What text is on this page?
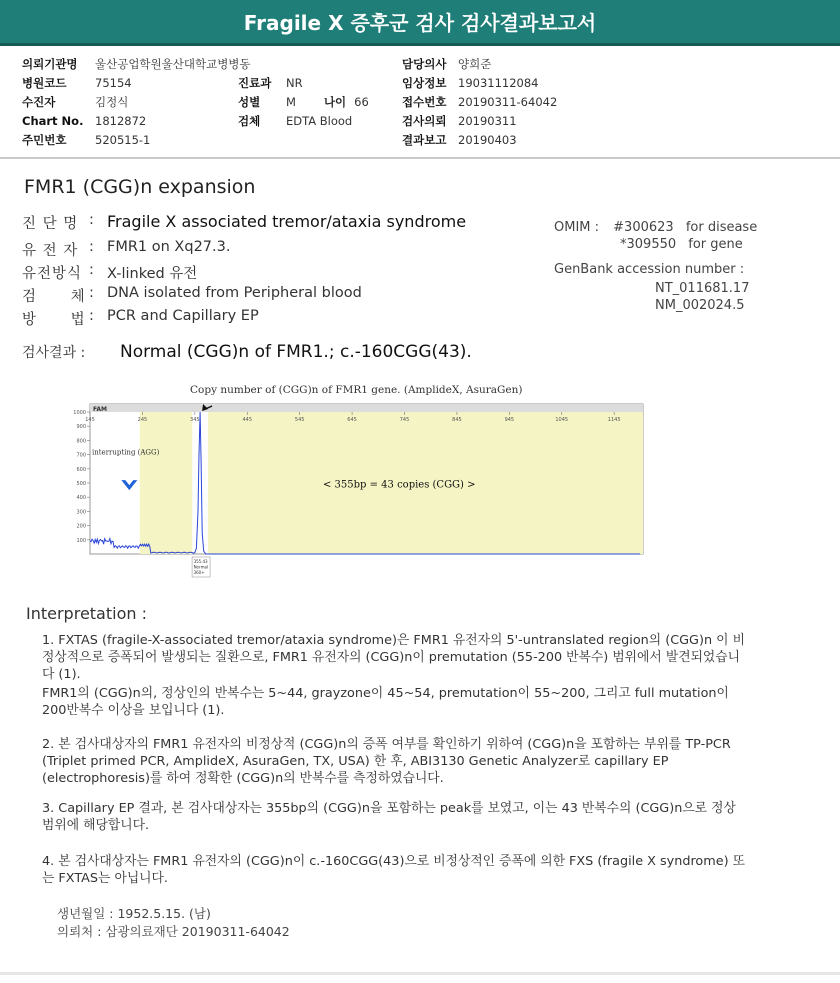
Fragile X 증후군 검사 검사결과보고서
의뢰기관명	울산공업학원울산대학교병병동
병원코드	75154
수진자	김정식
Chart No.	1812872
주민번호	520515-1
진료과	NR
성별	M 나이 66
검체	EDTA Blood
담당의사	양희준
임상정보	19031112084
접수번호	20190311-64042
검사의뢰	20190311
결과보고	20190403
FMR1 (CGG)n expansion
진 단 명 : Fragile X associated tremor/ataxia syndrome
유 전 자 : FMR1 on Xq27.3.
유전방식 : X-linked 유전
검      체 : DNA isolated from Peripheral blood
방      법 : PCR and Capillary EP
OMIM : #300623 for disease
*309550 for gene
GenBank accession number :
NT_011681.17
NM_002024.5
검사결과 :	Normal (CGG)n of FMR1.; c.-160CGG(43).
Copy number of (CGG)n of FMR1 gene. (AmplideX, AsuraGen)
FAM
145	245	345	445	545	645	745	845	945	1045	1145
1000
900
800
700
600
500
400
300
200
100
355.43
Normal
360+
interrupting (AGG)
< 355bp = 43 copies (CGG) >
Interpretation :
1. FXTAS (fragile-X-associated tremor/ataxia syndrome)은 FMR1 유전자의 5'-untranslated region의 (CGG)n 이 비정상적으로 증폭되어 발생되는 질환으로, FMR1 유전자의 (CGG)n이 premutation (55-200 반복수) 범위에서 발견되었습니다 (1).
FMR1의 (CGG)n의, 정상인의 반복수는 5~44, grayzone이 45~54, premutation이 55~200, 그리고 full mutation이 200반복수 이상을 보입니다 (1).
2. 본 검사대상자의 FMR1 유전자의 비정상적 (CGG)n의 증폭 여부를 확인하기 위하여 (CGG)n을 포함하는 부위를 TP-PCR (Triplet primed PCR, AmplideX, AsuraGen, TX, USA) 한 후, ABI3130 Genetic Analyzer로 capillary EP (electrophoresis)를 하여 정확한 (CGG)n의 반복수를 측정하였습니다.
3. Capillary EP 결과, 본 검사대상자는 355bp의 (CGG)n을 포함하는 peak를 보였고, 이는 43 반복수의 (CGG)n으로 정상범위에 해당합니다.
4. 본 검사대상자는 FMR1 유전자의 (CGG)n이 c.-160CGG(43)으로 비정상적인 증폭에 의한 FXS (fragile X syndrome) 또는 FXTAS는 아닙니다.
생년월일 : 1952.5.15. (남)
의뢰처 : 삼광의료재단 20190311-64042
